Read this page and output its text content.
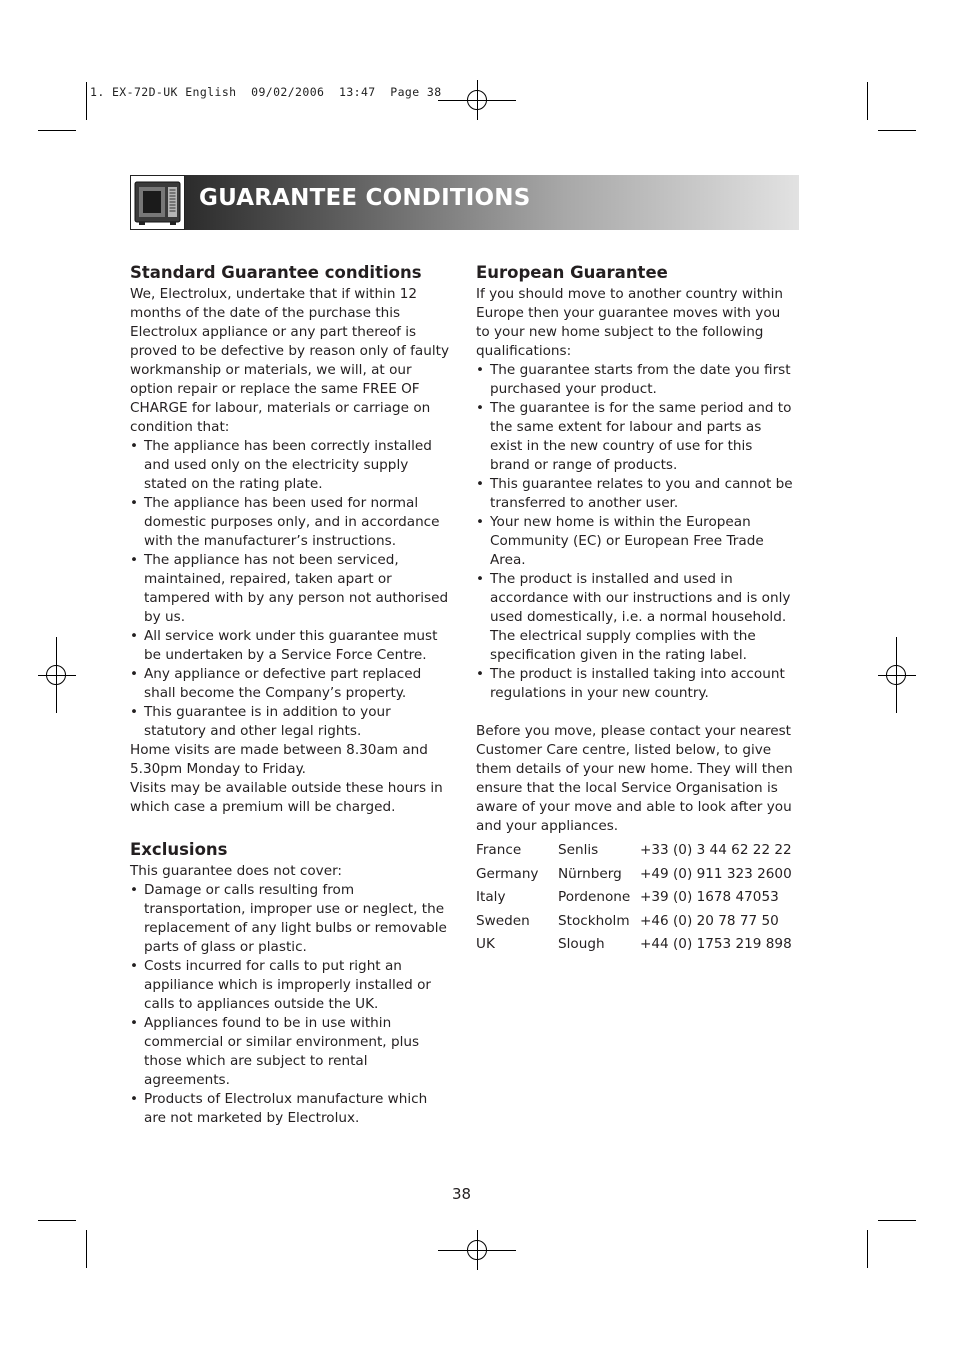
1. EX-72D-UK English  09/02/2006  13:47  Page 38
GUARANTEE CONDITIONS
Standard Guarantee conditions

We, Electrolux, undertake that if within 12 months of the date of the purchase this Electrolux appliance or any part thereof is proved to be defective by reason only of faulty workmanship or materials, we will, at our option repair or replace the same FREE OF CHARGE for labour, materials or carriage on condition that:

• The appliance has been correctly installed and used only on the electricity supply stated on the rating plate.
• The appliance has been used for normal domestic purposes only, and in accordance with the manufacturer’s instructions.
• The appliance has not been serviced, maintained, repaired, taken apart or tampered with by any person not authorised by us.
• All service work under this guarantee must be undertaken by a Service Force Centre.
• Any appliance or defective part replaced shall become the Company’s property.
• This guarantee is in addition to your statutory and other legal rights.

Home visits are made between 8.30am and 5.30pm Monday to Friday.

Visits may be available outside these hours in which case a premium will be charged.

Exclusions

This guarantee does not cover:

• Damage or calls resulting from transportation, improper use or neglect, the replacement of any light bulbs or removable parts of glass or plastic.
• Costs incurred for calls to put right an appiliance which is improperly installed or calls to appliances outside the UK.
• Appliances found to be in use within commercial or similar environment, plus those which are subject to rental agreements.
• Products of Electrolux manufacture which are not marketed by Electrolux.
European Guarantee

If you should move to another country within Europe then your guarantee moves with you to your new home subject to the following qualifications:

• The guarantee starts from the date you first purchased your product.
• The guarantee is for the same period and to the same extent for labour and parts as exist in the new country of use for this brand or range of products.
• This guarantee relates to you and cannot be transferred to another user.
• Your new home is within the European Community (EC) or European Free Trade Area.
• The product is installed and used in accordance with our instructions and is only used domestically, i.e. a normal household.
The electrical supply complies with the specification given in the rating label.
• The product is installed taking into account regulations in your new country.

Before you move, please contact your nearest Customer Care centre, listed below, to give them details of your new home. They will then ensure that the local Service Organisation is aware of your move and able to look after you and your appliances.

France	Senlis	+33 (0) 3 44 62 22 22
Germany	Nürnberg	+49 (0) 911 323 2600
Italy	Pordenone	+39 (0) 1678 47053
Sweden	Stockholm	+46 (0) 20 78 77 50
UK	Slough	+44 (0) 1753 219 898
38
